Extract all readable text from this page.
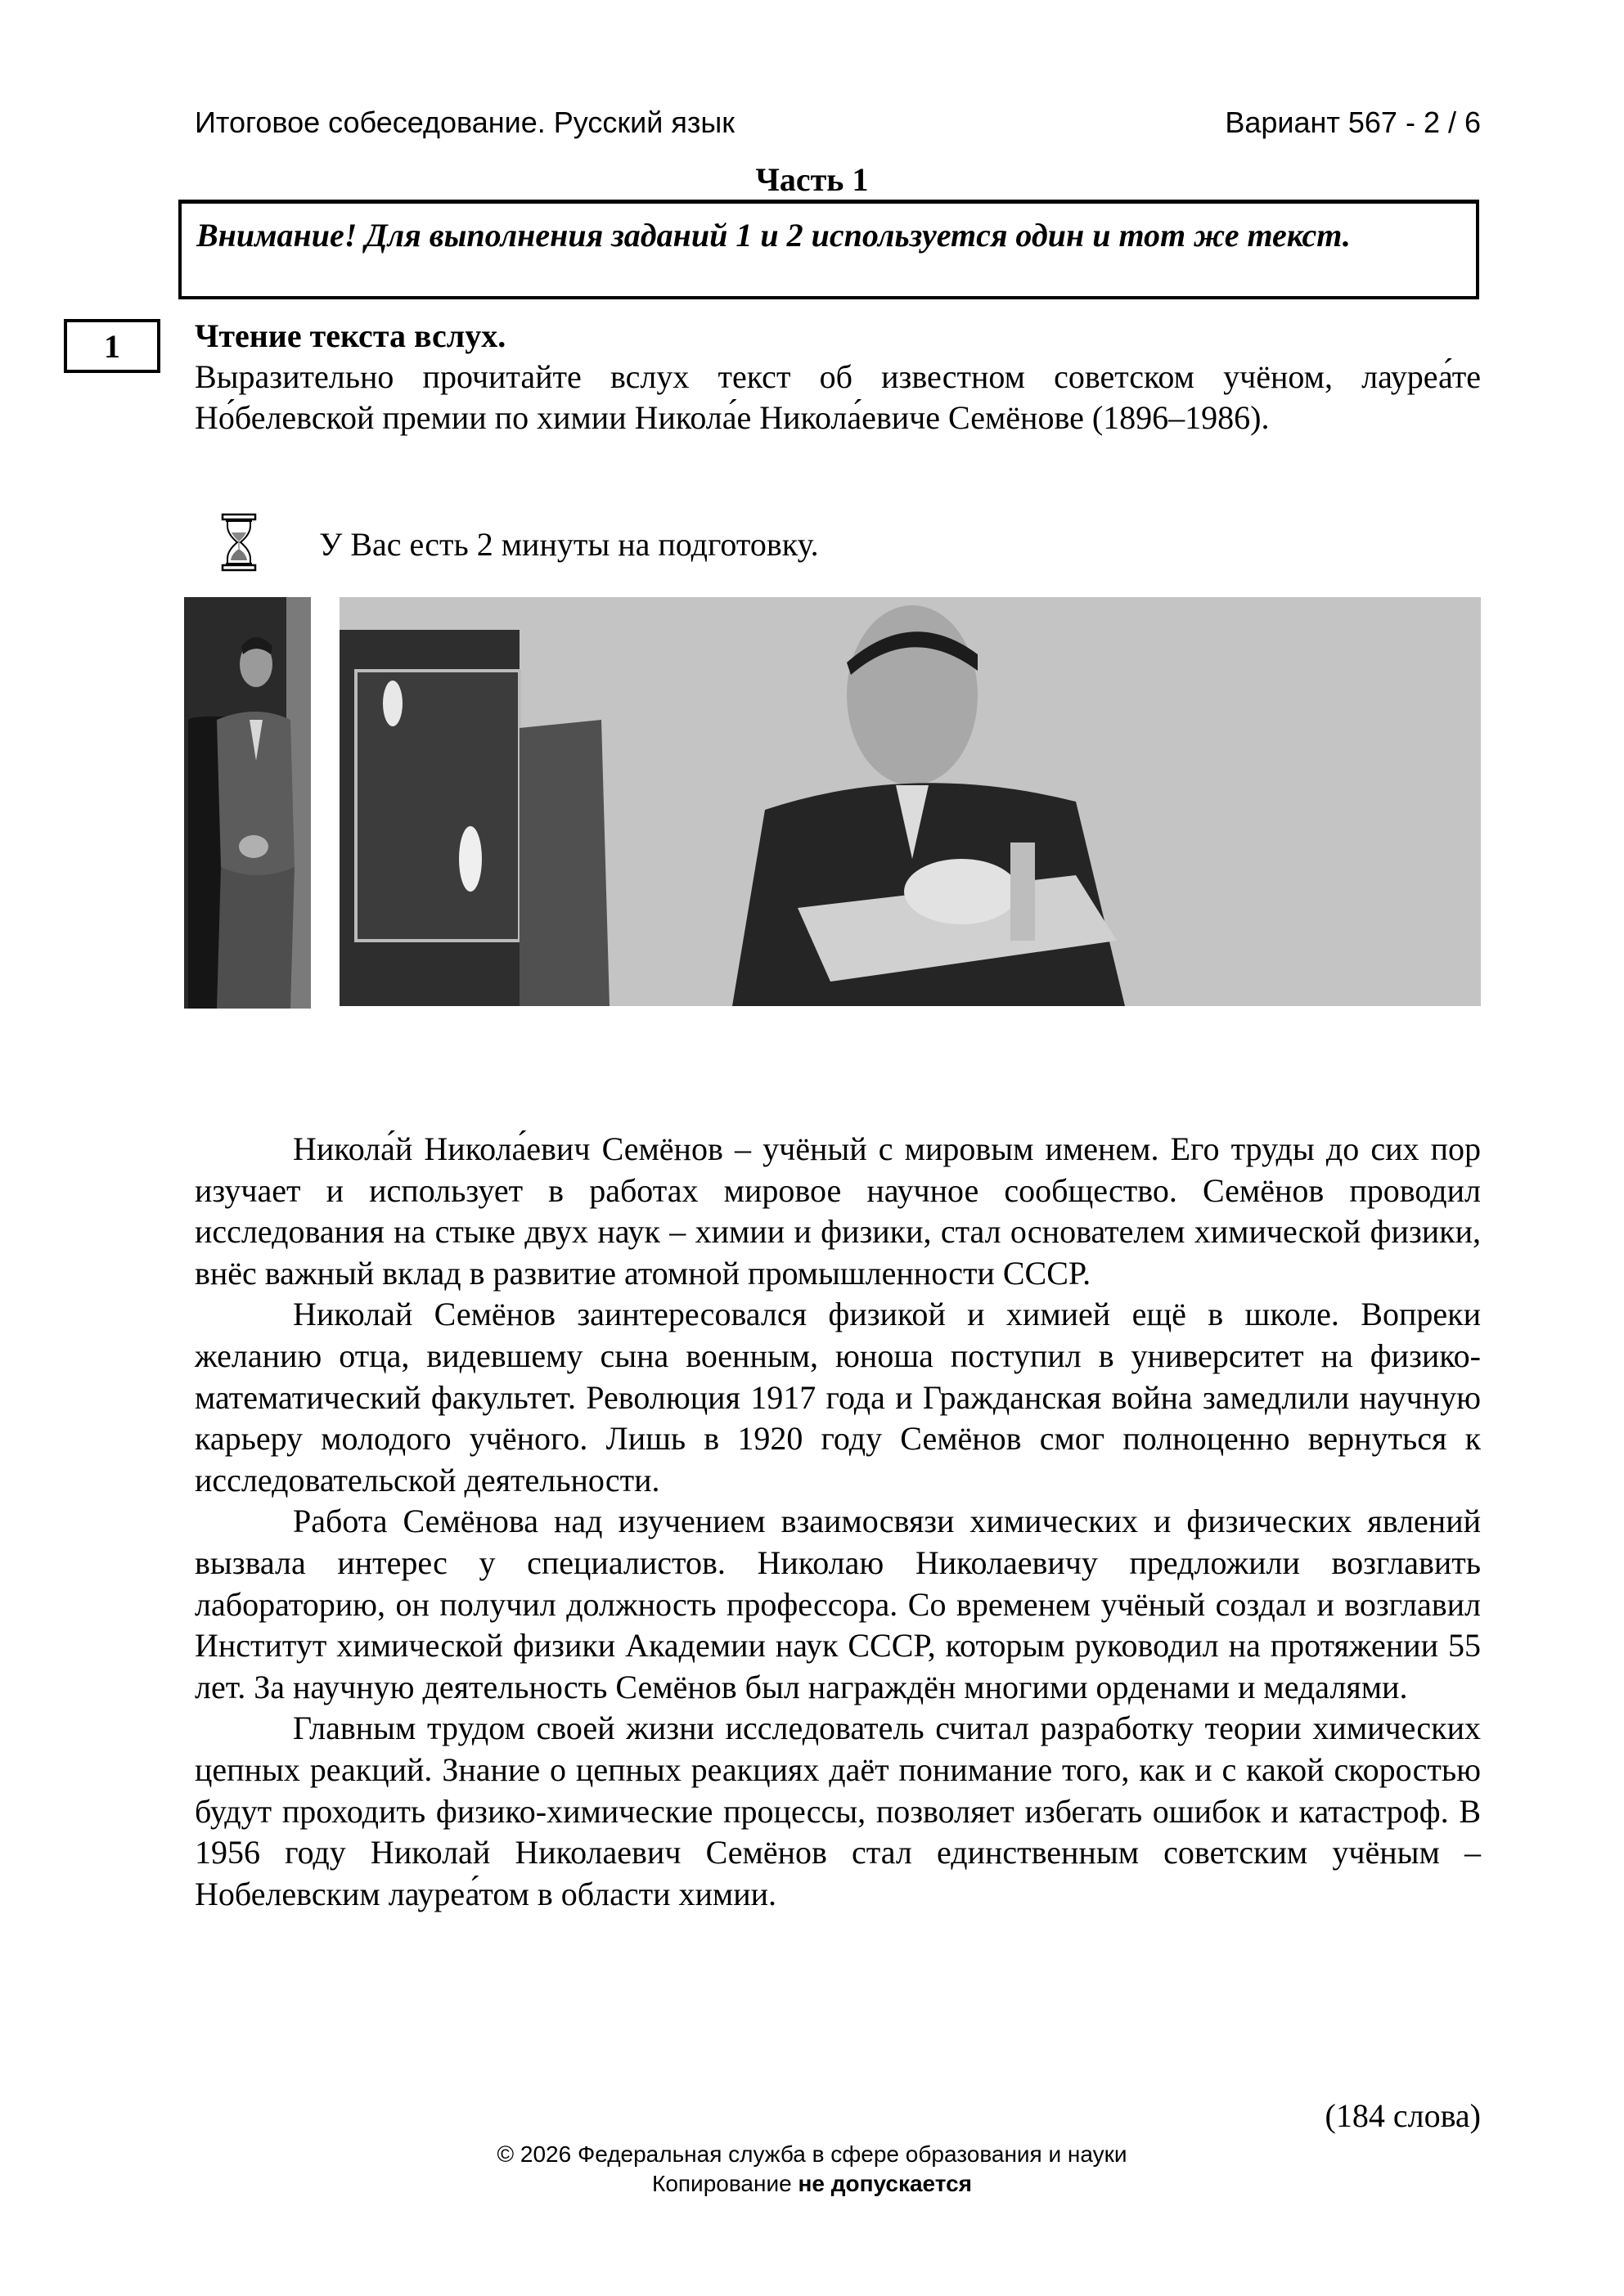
Итоговое собеседование. Русский язык	Вариант 567 - 2 / 6
Часть 1
Внимание! Для выполнения заданий 1 и 2 используется один и тот же текст.
1 Чтение текста вслух.
Выразительно прочитайте вслух текст об известном советском учёном, лауреа́те Но́белевской премии по химии Никола́е Никола́евиче Семёнове (1896–1986).
У Вас есть 2 минуты на подготовку.

Никола́й Никола́евич Семёнов – учёный с мировым именем. Его труды до сих пор изучает и использует в работах мировое научное сообщество. Семёнов проводил исследования на стыке двух наук – химии и физики, стал основателем химической физики, внёс важный вклад в развитие атомной промышленности СССР.

Николай Семёнов заинтересовался физикой и химией ещё в школе. Вопреки желанию отца, видевшему сына военным, юноша поступил в университет на физико-математический факультет. Революция 1917 года и Гражданская война замедлили научную карьеру молодого учёного. Лишь в 1920 году Семёнов смог полноценно вернуться к исследовательской деятельности.

Работа Семёнова над изучением взаимосвязи химических и физических явлений вызвала интерес у специалистов. Николаю Николаевичу предложили возглавить лабораторию, он получил должность профессора. Со временем учёный создал и возглавил Институт химической физики Академии наук СССР, которым руководил на протяжении 55 лет. За научную деятельность Семёнов был награждён многими орденами и медалями.

Главным трудом своей жизни исследователь считал разработку теории химических цепных реакций. Знание о цепных реакциях даёт понимание того, как и с какой скоростью будут проходить физико-химические процессы, позволяет избегать ошибок и катастроф. В 1956 году Николай Николаевич Семёнов стал единственным советским учёным – Нобелевским лауреа́том в области химии.

(184 слова)
© 2026 Федеральная служба в сфере образования и науки
Копирование не допускается
